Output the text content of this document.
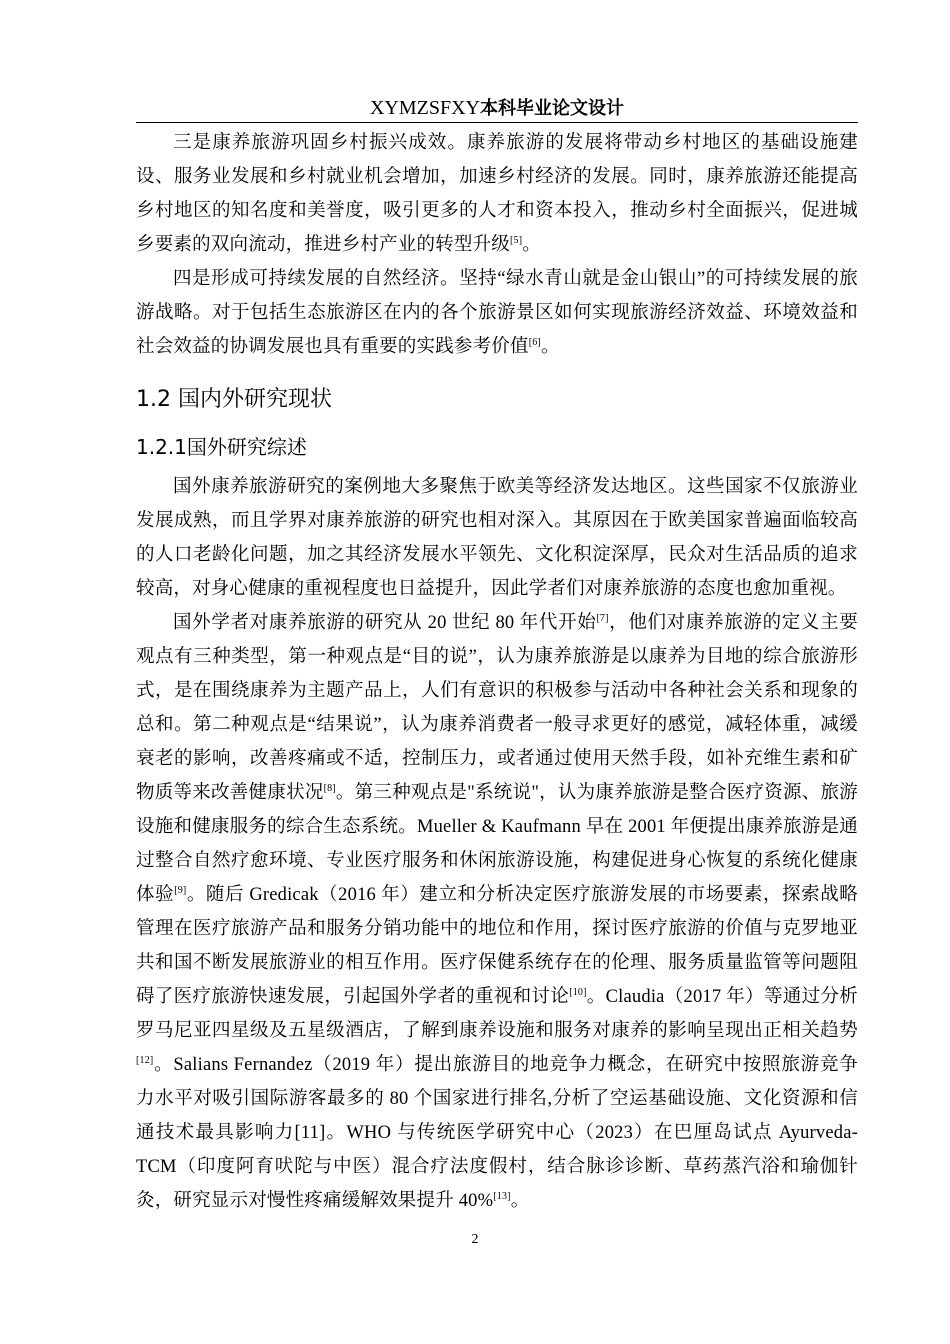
XYMZSFXY本科毕业论文设计

三是康养旅游巩固乡村振兴成效。康养旅游的发展将带动乡村地区的基础设施建设、服务业发展和乡村就业机会增加，加速乡村经济的发展。同时，康养旅游还能提高乡村地区的知名度和美誉度，吸引更多的人才和资本投入，推动乡村全面振兴，促进城乡要素的双向流动，推进乡村产业的转型升级[5]。

四是形成可持续发展的自然经济。坚持“绿水青山就是金山银山”的可持续发展的旅游战略。对于包括生态旅游区在内的各个旅游景区如何实现旅游经济效益、环境效益和社会效益的协调发展也具有重要的实践参考价值[6]。

1.2 国内外研究现状
1.2.1国外研究综述

国外康养旅游研究的案例地大多聚焦于欧美等经济发达地区。这些国家不仅旅游业发展成熟，而且学界对康养旅游的研究也相对深入。其原因在于欧美国家普遍面临较高的人口老龄化问题，加之其经济发展水平领先、文化积淀深厚，民众对生活品质的追求较高，对身心健康的重视程度也日益提升，因此学者们对康养旅游的态度也愈加重视。

国外学者对康养旅游的研究从 20 世纪 80 年代开始[7]，他们对康养旅游的定义主要观点有三种类型，第一种观点是“目的说”，认为康养旅游是以康养为目地的综合旅游形式，是在围绕康养为主题产品上，人们有意识的积极参与活动中各种社会关系和现象的总和。第二种观点是“结果说”，认为康养消费者一般寻求更好的感觉，减轻体重，减缓衰老的影响，改善疼痛或不适，控制压力，或者通过使用天然手段，如补充维生素和矿物质等来改善健康状况[8]。第三种观点是"系统说"，认为康养旅游是整合医疗资源、旅游设施和健康服务的综合生态系统。Mueller & Kaufmann 早在 2001 年便提出康养旅游是通过整合自然疗愈环境、专业医疗服务和休闲旅游设施，构建促进身心恢复的系统化健康体验[9]。随后 Gredicak（2016 年）建立和分析决定医疗旅游发展的市场要素，探索战略管理在医疗旅游产品和服务分销功能中的地位和作用，探讨医疗旅游的价值与克罗地亚共和国不断发展旅游业的相互作用。医疗保健系统存在的伦理、服务质量监管等问题阻碍了医疗旅游快速发展，引起国外学者的重视和讨论[10]。Claudia（2017 年）等通过分析罗马尼亚四星级及五星级酒店，了解到康养设施和服务对康养的影响呈现出正相关趋势[12]。Salians Fernandez（2019 年）提出旅游目的地竞争力概念，在研究中按照旅游竞争力水平对吸引国际游客最多的 80 个国家进行排名,分析了空运基础设施、文化资源和信通技术最具影响力[11]。WHO 与传统医学研究中心（2023）在巴厘岛试点 Ayurveda-TCM（印度阿育吠陀与中医）混合疗法度假村，结合脉诊诊断、草药蒸汽浴和瑜伽针灸，研究显示对慢性疼痛缓解效果提升 40%[13]。

2
